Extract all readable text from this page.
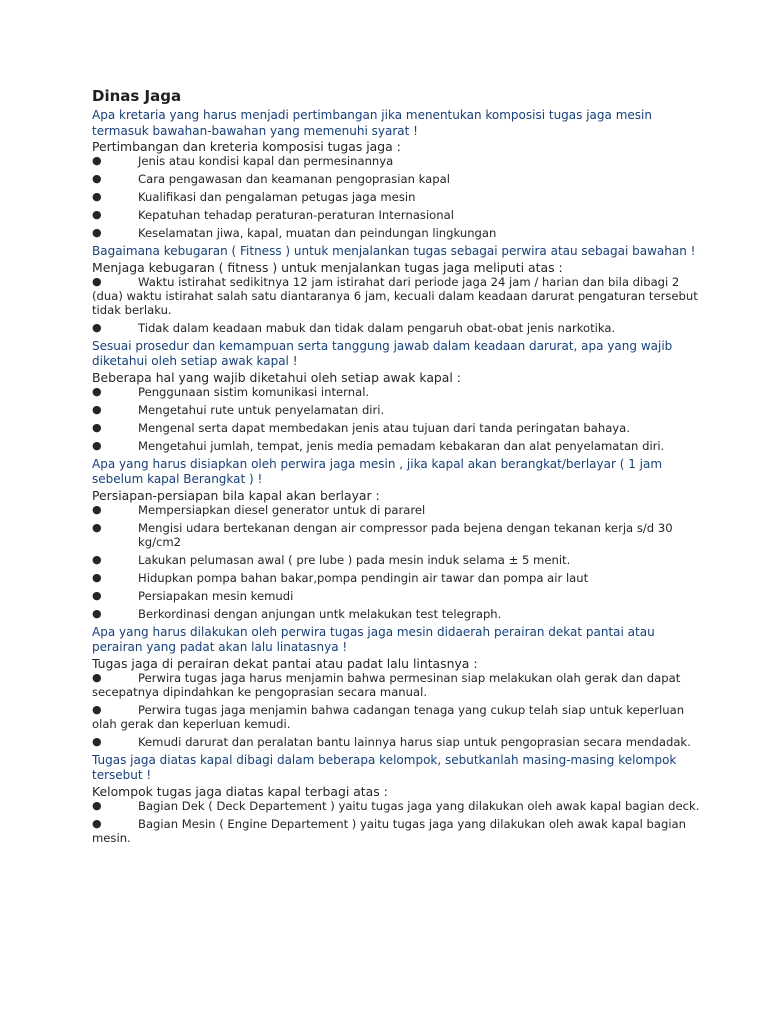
Dinas Jaga

Apa kretaria yang harus menjadi pertimbangan jika menentukan komposisi tugas jaga mesin termasuk bawahan-bawahan yang memenuhi syarat !

Pertimbangan dan kreteria komposisi tugas jaga :

●	Jenis atau kondisi kapal dan permesinannya
●	Cara pengawasan dan keamanan pengoprasian kapal
●	Kualifikasi dan pengalaman petugas jaga mesin
●	Kepatuhan tehadap peraturan-peraturan Internasional
●	Keselamatan jiwa, kapal, muatan dan peindungan lingkungan

Bagaimana kebugaran ( Fitness ) untuk menjalankan tugas sebagai perwira atau sebagai bawahan !

Menjaga kebugaran ( fitness ) untuk menjalankan tugas jaga meliputi atas :

●	Waktu istirahat sedikitnya 12 jam istirahat dari periode jaga 24 jam / harian dan bila dibagi 2 (dua) waktu istirahat salah satu diantaranya 6 jam, kecuali dalam keadaan darurat pengaturan tersebut tidak berlaku.
●	Tidak dalam keadaan mabuk dan tidak dalam pengaruh obat-obat jenis narkotika.

Sesuai prosedur dan kemampuan serta tanggung jawab dalam keadaan darurat, apa yang wajib diketahui oleh setiap awak kapal !

Beberapa hal yang wajib diketahui oleh setiap awak kapal :

●	Penggunaan sistim komunikasi internal.
●	Mengetahui rute untuk penyelamatan diri.
●	Mengenal serta dapat membedakan jenis atau tujuan dari tanda peringatan bahaya.
●	Mengetahui jumlah, tempat, jenis media pemadam kebakaran dan alat penyelamatan diri.

Apa yang harus disiapkan oleh perwira jaga mesin , jika kapal akan berangkat/berlayar ( 1 jam sebelum kapal Berangkat ) !

Persiapan-persiapan bila kapal akan berlayar :

●	Mempersiapkan diesel generator untuk di pararel
●	Mengisi udara bertekanan dengan air compressor pada bejena dengan tekanan kerja s/d 30 kg/cm2
●	Lakukan pelumasan awal ( pre lube ) pada mesin induk selama ± 5 menit.
●	Hidupkan pompa bahan bakar,pompa pendingin air tawar dan pompa air laut
●	Persiapakan mesin kemudi
●	Berkordinasi dengan anjungan untk melakukan test telegraph.

Apa yang harus dilakukan oleh perwira tugas jaga mesin didaerah perairan dekat pantai atau perairan yang padat akan lalu linatasnya !

Tugas jaga di perairan dekat pantai atau padat lalu lintasnya :

●	Perwira tugas jaga harus menjamin bahwa permesinan siap melakukan olah gerak dan dapat secepatnya dipindahkan ke pengoprasian secara manual.
●	Perwira tugas jaga menjamin bahwa cadangan tenaga yang cukup telah siap untuk keperluan olah gerak dan keperluan kemudi.
●	Kemudi darurat dan peralatan bantu lainnya harus siap untuk pengoprasian secara mendadak.

Tugas jaga diatas kapal dibagi dalam beberapa kelompok, sebutkanlah masing-masing kelompok tersebut !

Kelompok tugas jaga diatas kapal terbagi atas :

●	Bagian Dek ( Deck Departement ) yaitu tugas jaga yang dilakukan oleh awak kapal bagian deck.
●	Bagian Mesin ( Engine Departement ) yaitu tugas jaga yang dilakukan oleh awak kapal bagian mesin.
